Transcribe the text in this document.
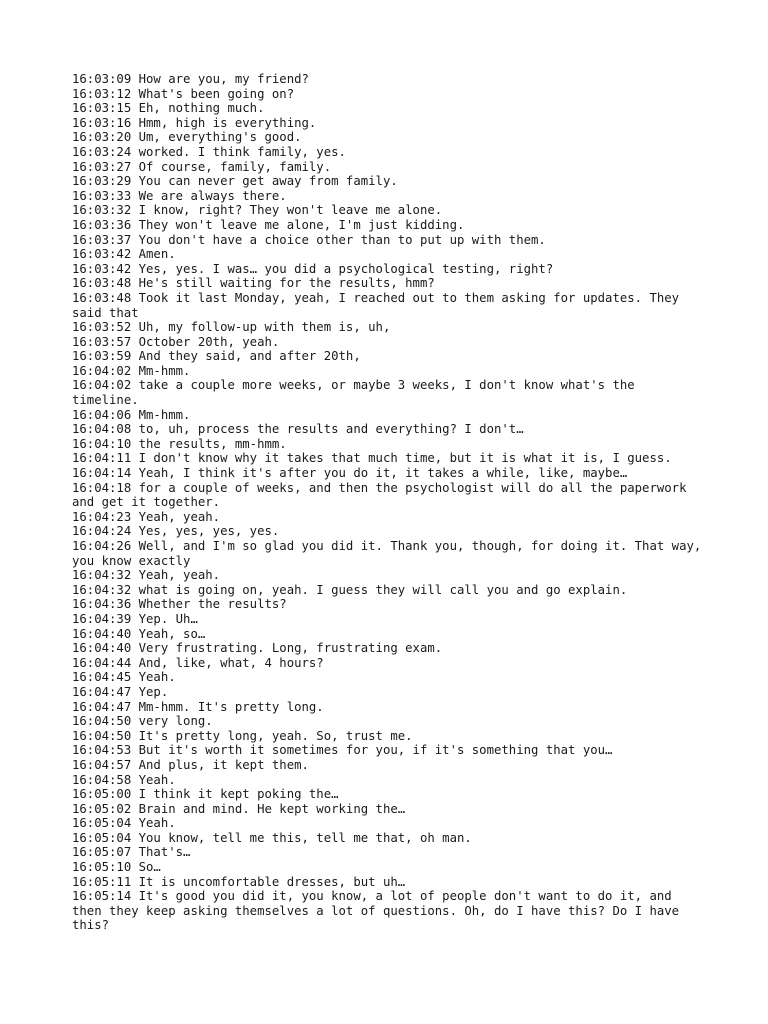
16:03:09 How are you, my friend?
16:03:12 What's been going on?
16:03:15 Eh, nothing much.
16:03:16 Hmm, high is everything.
16:03:20 Um, everything's good.
16:03:24 worked. I think family, yes.
16:03:27 Of course, family, family.
16:03:29 You can never get away from family.
16:03:33 We are always there.
16:03:32 I know, right? They won't leave me alone.
16:03:36 They won't leave me alone, I'm just kidding.
16:03:37 You don't have a choice other than to put up with them.
16:03:42 Amen.
16:03:42 Yes, yes. I was… you did a psychological testing, right?
16:03:48 He's still waiting for the results, hmm?
16:03:48 Took it last Monday, yeah, I reached out to them asking for updates. They said that
16:03:52 Uh, my follow-up with them is, uh,
16:03:57 October 20th, yeah.
16:03:59 And they said, and after 20th,
16:04:02 Mm-hmm.
16:04:02 take a couple more weeks, or maybe 3 weeks, I don't know what's the timeline.
16:04:06 Mm-hmm.
16:04:08 to, uh, process the results and everything? I don't…
16:04:10 the results, mm-hmm.
16:04:11 I don't know why it takes that much time, but it is what it is, I guess.
16:04:14 Yeah, I think it's after you do it, it takes a while, like, maybe…
16:04:18 for a couple of weeks, and then the psychologist will do all the paperwork and get it together.
16:04:23 Yeah, yeah.
16:04:24 Yes, yes, yes, yes.
16:04:26 Well, and I'm so glad you did it. Thank you, though, for doing it. That way, you know exactly
16:04:32 Yeah, yeah.
16:04:32 what is going on, yeah. I guess they will call you and go explain.
16:04:36 Whether the results?
16:04:39 Yep. Uh…
16:04:40 Yeah, so…
16:04:40 Very frustrating. Long, frustrating exam.
16:04:44 And, like, what, 4 hours?
16:04:45 Yeah.
16:04:47 Yep.
16:04:47 Mm-hmm. It's pretty long.
16:04:50 very long.
16:04:50 It's pretty long, yeah. So, trust me.
16:04:53 But it's worth it sometimes for you, if it's something that you…
16:04:57 And plus, it kept them.
16:04:58 Yeah.
16:05:00 I think it kept poking the…
16:05:02 Brain and mind. He kept working the…
16:05:04 Yeah.
16:05:04 You know, tell me this, tell me that, oh man.
16:05:07 That's…
16:05:10 So…
16:05:11 It is uncomfortable dresses, but uh…
16:05:14 It's good you did it, you know, a lot of people don't want to do it, and then they keep asking themselves a lot of questions. Oh, do I have this? Do I have this?
